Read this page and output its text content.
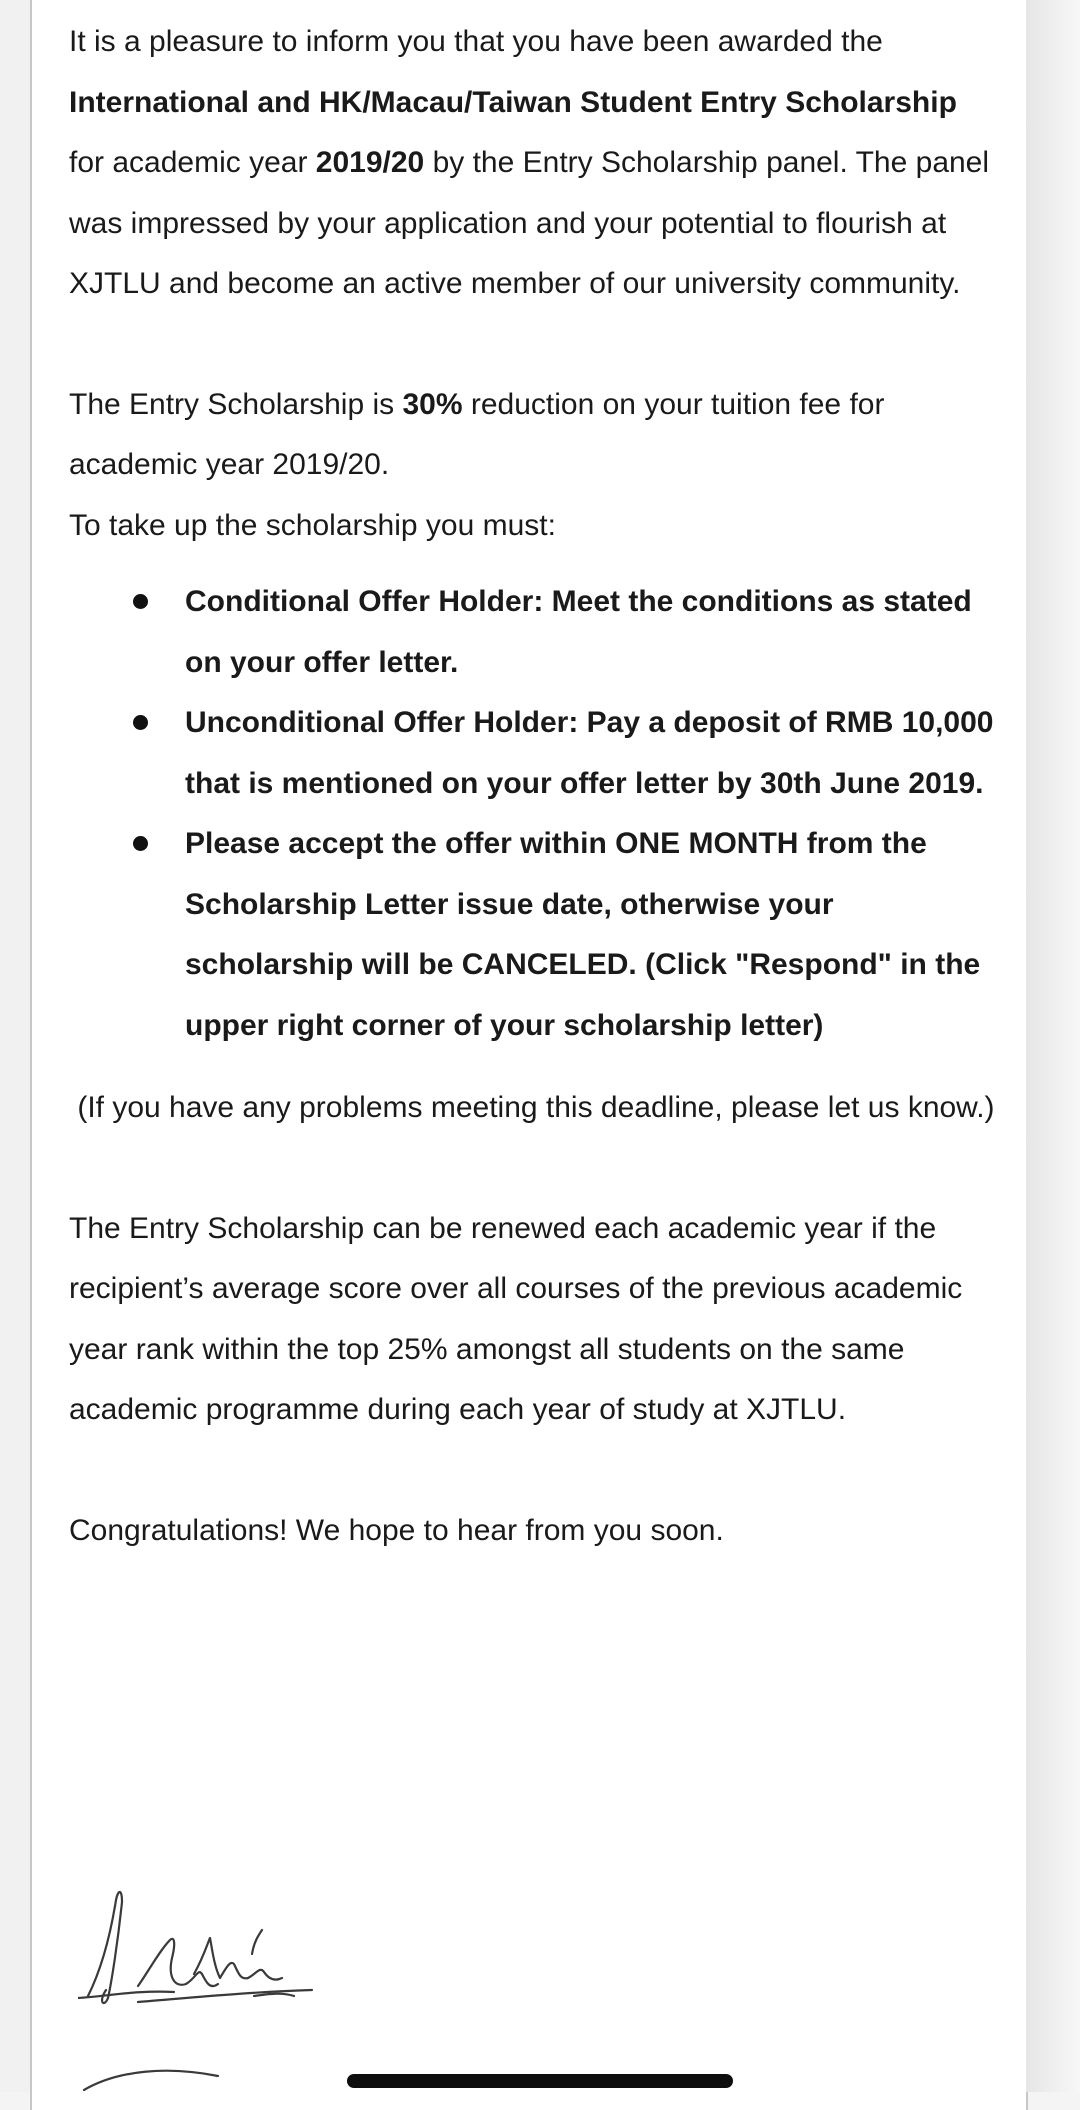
It is a pleasure to inform you that you have been awarded the International and HK/Macau/Taiwan Student Entry Scholarship for academic year 2019/20 by the Entry Scholarship panel. The panel was impressed by your application and your potential to flourish at XJTLU and become an active member of our university community.

The Entry Scholarship is 30% reduction on your tuition fee for academic year 2019/20.

To take up the scholarship you must:

Conditional Offer Holder: Meet the conditions as stated on your offer letter.
Unconditional Offer Holder: Pay a deposit of RMB 10,000 that is mentioned on your offer letter by 30th June 2019.
Please accept the offer within ONE MONTH from the Scholarship Letter issue date, otherwise your scholarship will be CANCELED. (Click "Respond" in the upper right corner of your scholarship letter)

(If you have any problems meeting this deadline, please let us know.)

The Entry Scholarship can be renewed each academic year if the recipient’s average score over all courses of the previous academic year rank within the top 25% amongst all students on the same academic programme during each year of study at XJTLU.

Congratulations! We hope to hear from you soon.
